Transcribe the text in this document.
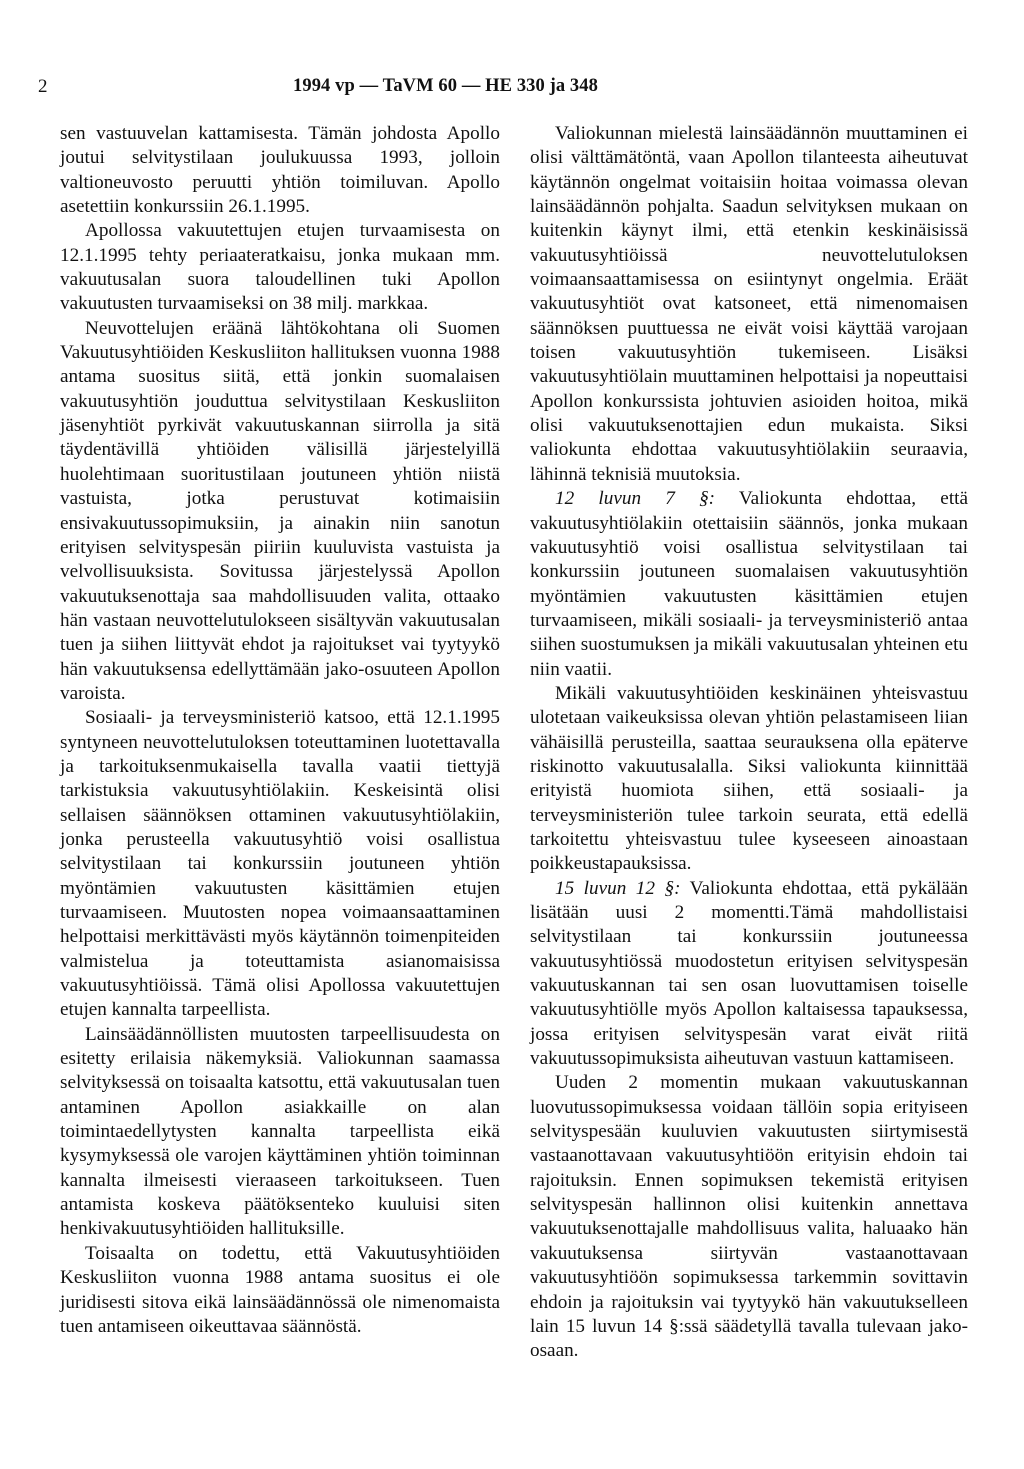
2	1994 vp — TaVM 60 — HE 330 ja 348

sen vastuuvelan kattamisesta. Tämän johdosta Apollo joutui selvitystilaan joulukuussa 1993, jolloin valtioneuvosto peruutti yhtiön toimiluvan. Apollo asetettiin konkurssiin 26.1.1995.

Apollossa vakuutettujen etujen turvaamisesta on 12.1.1995 tehty periaateratkaisu, jonka mukaan mm. vakuutusalan suora taloudellinen tuki Apollon vakuutusten turvaamiseksi on 38 milj. markkaa.

Neuvottelujen eräänä lähtökohtana oli Suomen Vakuutusyhtiöiden Keskusliiton hallituksen vuonna 1988 antama suositus siitä, että jonkin suomalaisen vakuutusyhtiön jouduttua selvitystilaan Keskusliiton jäsenyhtiöt pyrkivät vakuutuskannan siirrolla ja sitä täydentävillä yhtiöiden välisillä järjestelyillä huolehtimaan suoritustilaan joutuneen yhtiön niistä vastuista, jotka perustuvat kotimaisiin ensivakuutussopimuksiin, ja ainakin niin sanotun erityisen selvityspesän piiriin kuuluvista vastuista ja velvollisuuksista. Sovitussa järjestelyssä Apollon vakuutuksenottaja saa mahdollisuuden valita, ottaako hän vastaan neuvottelutulokseen sisältyvän vakuutusalan tuen ja siihen liittyvät ehdot ja rajoitukset vai tyytyykö hän vakuutuksensa edellyttämään jako-osuuteen Apollon varoista.

Sosiaali- ja terveysministeriö katsoo, että 12.1.1995 syntyneen neuvottelutuloksen toteuttaminen luotettavalla ja tarkoituksenmukaisella tavalla vaatii tiettyjä tarkistuksia vakuutusyhtiölakiin. Keskeisintä olisi sellaisen säännöksen ottaminen vakuutusyhtiölakiin, jonka perusteella vakuutusyhtiö voisi osallistua selvitystilaan tai konkurssiin joutuneen yhtiön myöntämien vakuutusten käsittämien etujen turvaamiseen. Muutosten nopea voimaansaattaminen helpottaisi merkittävästi myös käytännön toimenpiteiden valmistelua ja toteuttamista asianomaisissa vakuutusyhtiöissä. Tämä olisi Apollossa vakuutettujen etujen kannalta tarpeellista.

Lainsäädännöllisten muutosten tarpeellisuudesta on esitetty erilaisia näkemyksiä. Valiokunnan saamassa selvityksessä on toisaalta katsottu, että vakuutusalan tuen antaminen Apollon asiakkaille on alan toimintaedellytysten kannalta tarpeellista eikä kysymyksessä ole varojen käyttäminen yhtiön toiminnan kannalta ilmeisesti vieraaseen tarkoitukseen. Tuen antamista koskeva päätöksenteko kuuluisi siten henkivakuutusyhtiöiden hallituksille.

Toisaalta on todettu, että Vakuutusyhtiöiden Keskusliiton vuonna 1988 antama suositus ei ole juridisesti sitova eikä lainsäädännössä ole nimenomaista tuen antamiseen oikeuttavaa säännöstä.

Valiokunnan mielestä lainsäädännön muuttaminen ei olisi välttämätöntä, vaan Apollon tilanteesta aiheutuvat käytännön ongelmat voitaisiin hoitaa voimassa olevan lainsäädännön pohjalta. Saadun selvityksen mukaan on kuitenkin käynyt ilmi, että etenkin keskinäisissä vakuutusyhtiöissä neuvottelutuloksen voimaansaattamisessa on esiintynyt ongelmia. Eräät vakuutusyhtiöt ovat katsoneet, että nimenomaisen säännöksen puuttuessa ne eivät voisi käyttää varojaan toisen vakuutusyhtiön tukemiseen. Lisäksi vakuutusyhtiölain muuttaminen helpottaisi ja nopeuttaisi Apollon konkurssista johtuvien asioiden hoitoa, mikä olisi vakuutuksenottajien edun mukaista. Siksi valiokunta ehdottaa vakuutusyhtiölakiin seuraavia, lähinnä teknisiä muutoksia.

12 luvun 7 §: Valiokunta ehdottaa, että vakuutusyhtiölakiin otettaisiin säännös, jonka mukaan vakuutusyhtiö voisi osallistua selvitystilaan tai konkurssiin joutuneen suomalaisen vakuutusyhtiön myöntämien vakuutusten käsittämien etujen turvaamiseen, mikäli sosiaali- ja terveysministeriö antaa siihen suostumuksen ja mikäli vakuutusalan yhteinen etu niin vaatii.

Mikäli vakuutusyhtiöiden keskinäinen yhteisvastuu ulotetaan vaikeuksissa olevan yhtiön pelastamiseen liian vähäisillä perusteilla, saattaa seurauksena olla epäterve riskinotto vakuutusalalla. Siksi valiokunta kiinnittää erityistä huomiota siihen, että sosiaali- ja terveysministeriön tulee tarkoin seurata, että edellä tarkoitettu yhteisvastuu tulee kyseeseen ainoastaan poikkeustapauksissa.

15 luvun 12 §: Valiokunta ehdottaa, että pykälään lisätään uusi 2 momentti.Tämä mahdollistaisi selvitystilaan tai konkurssiin joutuneessa vakuutusyhtiössä muodostetun erityisen selvityspesän vakuutuskannan tai sen osan luovuttamisen toiselle vakuutusyhtiölle myös Apollon kaltaisessa tapauksessa, jossa erityisen selvityspesän varat eivät riitä vakuutussopimuksista aiheutuvan vastuun kattamiseen.

Uuden 2 momentin mukaan vakuutuskannan luovutussopimuksessa voidaan tällöin sopia erityiseen selvityspesään kuuluvien vakuutusten siirtymisestä vastaanottavaan vakuutusyhtiöön erityisin ehdoin tai rajoituksin. Ennen sopimuksen tekemistä erityisen selvityspesän hallinnon olisi kuitenkin annettava vakuutuksenottajalle mahdollisuus valita, haluaako hän vakuutuksensa siirtyvän vastaanottavaan vakuutusyhtiöön sopimuksessa tarkemmin sovittavin ehdoin ja rajoituksin vai tyytyykö hän vakuutukselleen lain 15 luvun 14 §:ssä säädetyllä tavalla tulevaan jako-osaan.
